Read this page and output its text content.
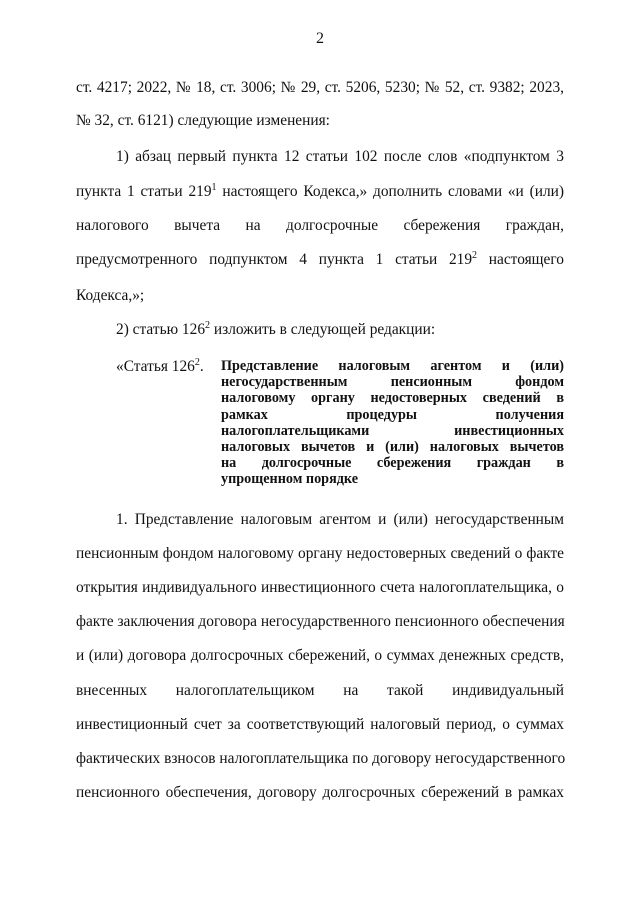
2
ст. 4217; 2022, № 18, ст. 3006; № 29, ст. 5206, 5230; № 52, ст. 9382; 2023,
№ 32, ст. 6121) следующие изменения:
1) абзац первый пункта 12 статьи 102 после слов «подпунктом 3
пункта 1 статьи $219^1$ настоящего Кодекса,» дополнить словами «и (или)
налогового вычета на долгосрочные сбережения граждан,
предусмотренного подпунктом 4 пункта 1 статьи $219^2$ настоящего
Кодекса,»;
2) статью $126^2$ изложить в следующей редакции:
«Статья $126^2$. Представление налоговым агентом и (или)
негосударственным пенсионным фондом
налоговому органу недостоверных сведений в
рамках процедуры получения
налогоплательщиками инвестиционных
налоговых вычетов и (или) налоговых вычетов
на долгосрочные сбережения граждан в
упрощенном порядке
1. Представление налоговым агентом и (или) негосударственным
пенсионным фондом налоговому органу недостоверных сведений о факте
открытия индивидуального инвестиционного счета налогоплательщика, о
факте заключения договора негосударственного пенсионного обеспечения
и (или) договора долгосрочных сбережений, о суммах денежных средств,
внесенных налогоплательщиком на такой индивидуальный
инвестиционный счет за соответствующий налоговый период, о суммах
фактических взносов налогоплательщика по договору негосударственного
пенсионного обеспечения, договору долгосрочных сбережений в рамках
